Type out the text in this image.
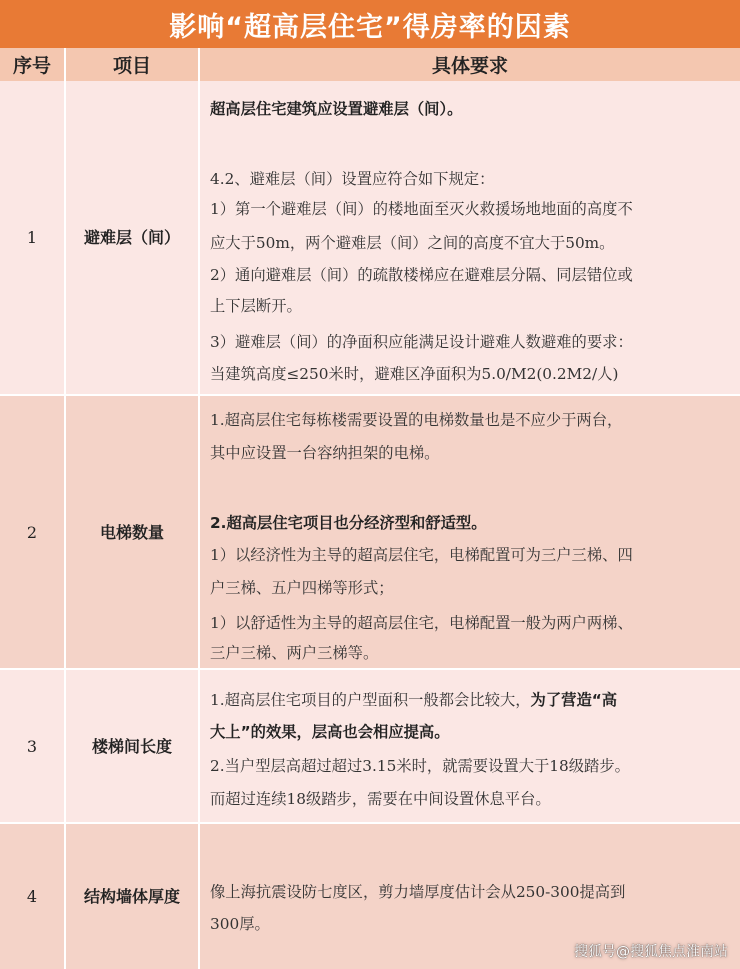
影响“超高层住宅”得房率的因素
序号	项目	具体要求
1	避难层（间）
超高层住宅建筑应设置避难层（间）。
4.2、避难层（间）设置应符合如下规定：
1）第一个避难层（间）的楼地面至灭火救援场地地面的高度不
应大于50m，两个避难层（间）之间的高度不宜大于50m。
2）通向避难层（间）的疏散楼梯应在避难层分隔、同层错位或
上下层断开。
3）避难层（间）的净面积应能满足设计避难人数避难的要求：
当建筑高度≤250米时，避难区净面积为5.0/M2(0.2M2/人)
2	电梯数量
1.超高层住宅每栋楼需要设置的电梯数量也是不应少于两台，
其中应设置一台容纳担架的电梯。
2.超高层住宅项目也分经济型和舒适型。
1）以经济性为主导的超高层住宅，电梯配置可为三户三梯、四
户三梯、五户四梯等形式；
1）以舒适性为主导的超高层住宅，电梯配置一般为两户两梯、
三户三梯、两户三梯等。
3	楼梯间长度
1.超高层住宅项目的户型面积一般都会比较大，为了营造“高
大上”的效果，层高也会相应提高。
2.当户型层高超过超过3.15米时，就需要设置大于18级踏步。
而超过连续18级踏步，需要在中间设置休息平台。
4	结构墙体厚度	像上海抗震设防七度区，剪力墙厚度估计会从250-300提高到
300厚。
搜狐号@搜狐焦点淮南站
